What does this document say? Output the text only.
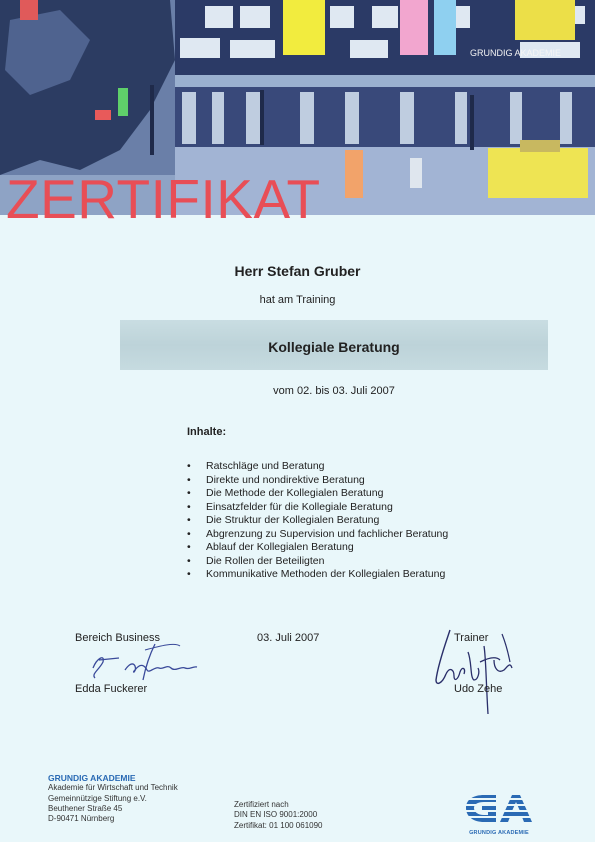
GRUNDIG AKADEMIE
ZERTIFIKAT
Herr Stefan Gruber
hat am Training
Kollegiale Beratung
vom 02. bis 03. Juli 2007
Inhalte:
• Ratschläge und Beratung
• Direkte und nondirektive Beratung
• Die Methode der Kollegialen Beratung
• Einsatzfelder für die Kollegiale Beratung
• Die Struktur der Kollegialen Beratung
• Abgrenzung zu Supervision und fachlicher Beratung
• Ablauf der Kollegialen Beratung
• Die Rollen der Beteiligten
• Kommunikative Methoden der Kollegialen Beratung
Bereich Business
Edda Fuckerer
03. Juli 2007	Trainer
Udo Zehe
GRUNDIG AKADEMIE
Akademie für Wirtschaft und Technik
Gemeinnützige Stiftung e.V.
Beuthener Straße 45
D-90471 Nürnberg
Zertifiziert nach
DIN EN ISO 9001:2000
Zertifikat: 01 100 061090
GRUNDIG AKADEMIE
